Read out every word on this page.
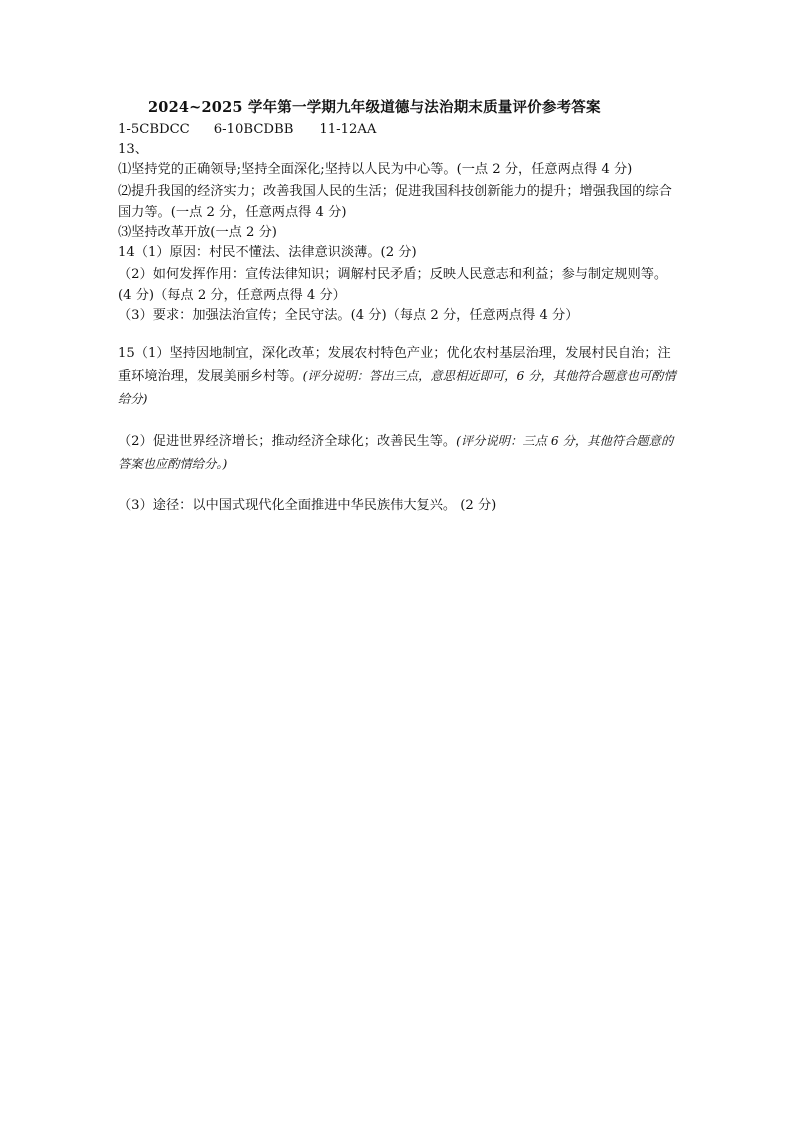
2024~2025 学年第一学期九年级道德与法治期末质量评价参考答案
1-5CBDCC 6-10BCDBB 11-12AA
13、
⑴坚持党的正确领导;坚持全面深化;坚持以人民为中心等。(一点 2 分，任意两点得 4 分)
⑵提升我国的经济实力；改善我国人民的生活；促进我国科技创新能力的提升；增强我国的综合国力等。(一点 2 分，任意两点得 4 分)
⑶坚持改革开放(一点 2 分)
14（1）原因：村民不懂法、法律意识淡薄。(2 分)
（2）如何发挥作用：宣传法律知识；调解村民矛盾；反映人民意志和利益；参与制定规则等。(4 分)（每点 2 分，任意两点得 4 分）
（3）要求：加强法治宣传；全民守法。(4 分)（每点 2 分，任意两点得 4 分）
15（1）坚持因地制宜，深化改革；发展农村特色产业；优化农村基层治理，发展村民自治；注重环境治理，发展美丽乡村等。(评分说明：答出三点，意思相近即可，6 分，其他符合题意也可酌情给分)
（2）促进世界经济增长；推动经济全球化；改善民生等。(评分说明：三点 6 分，其他符合题意的答案也应酌情给分。)
（3）途径：以中国式现代化全面推进中华民族伟大复兴。 (2 分)
